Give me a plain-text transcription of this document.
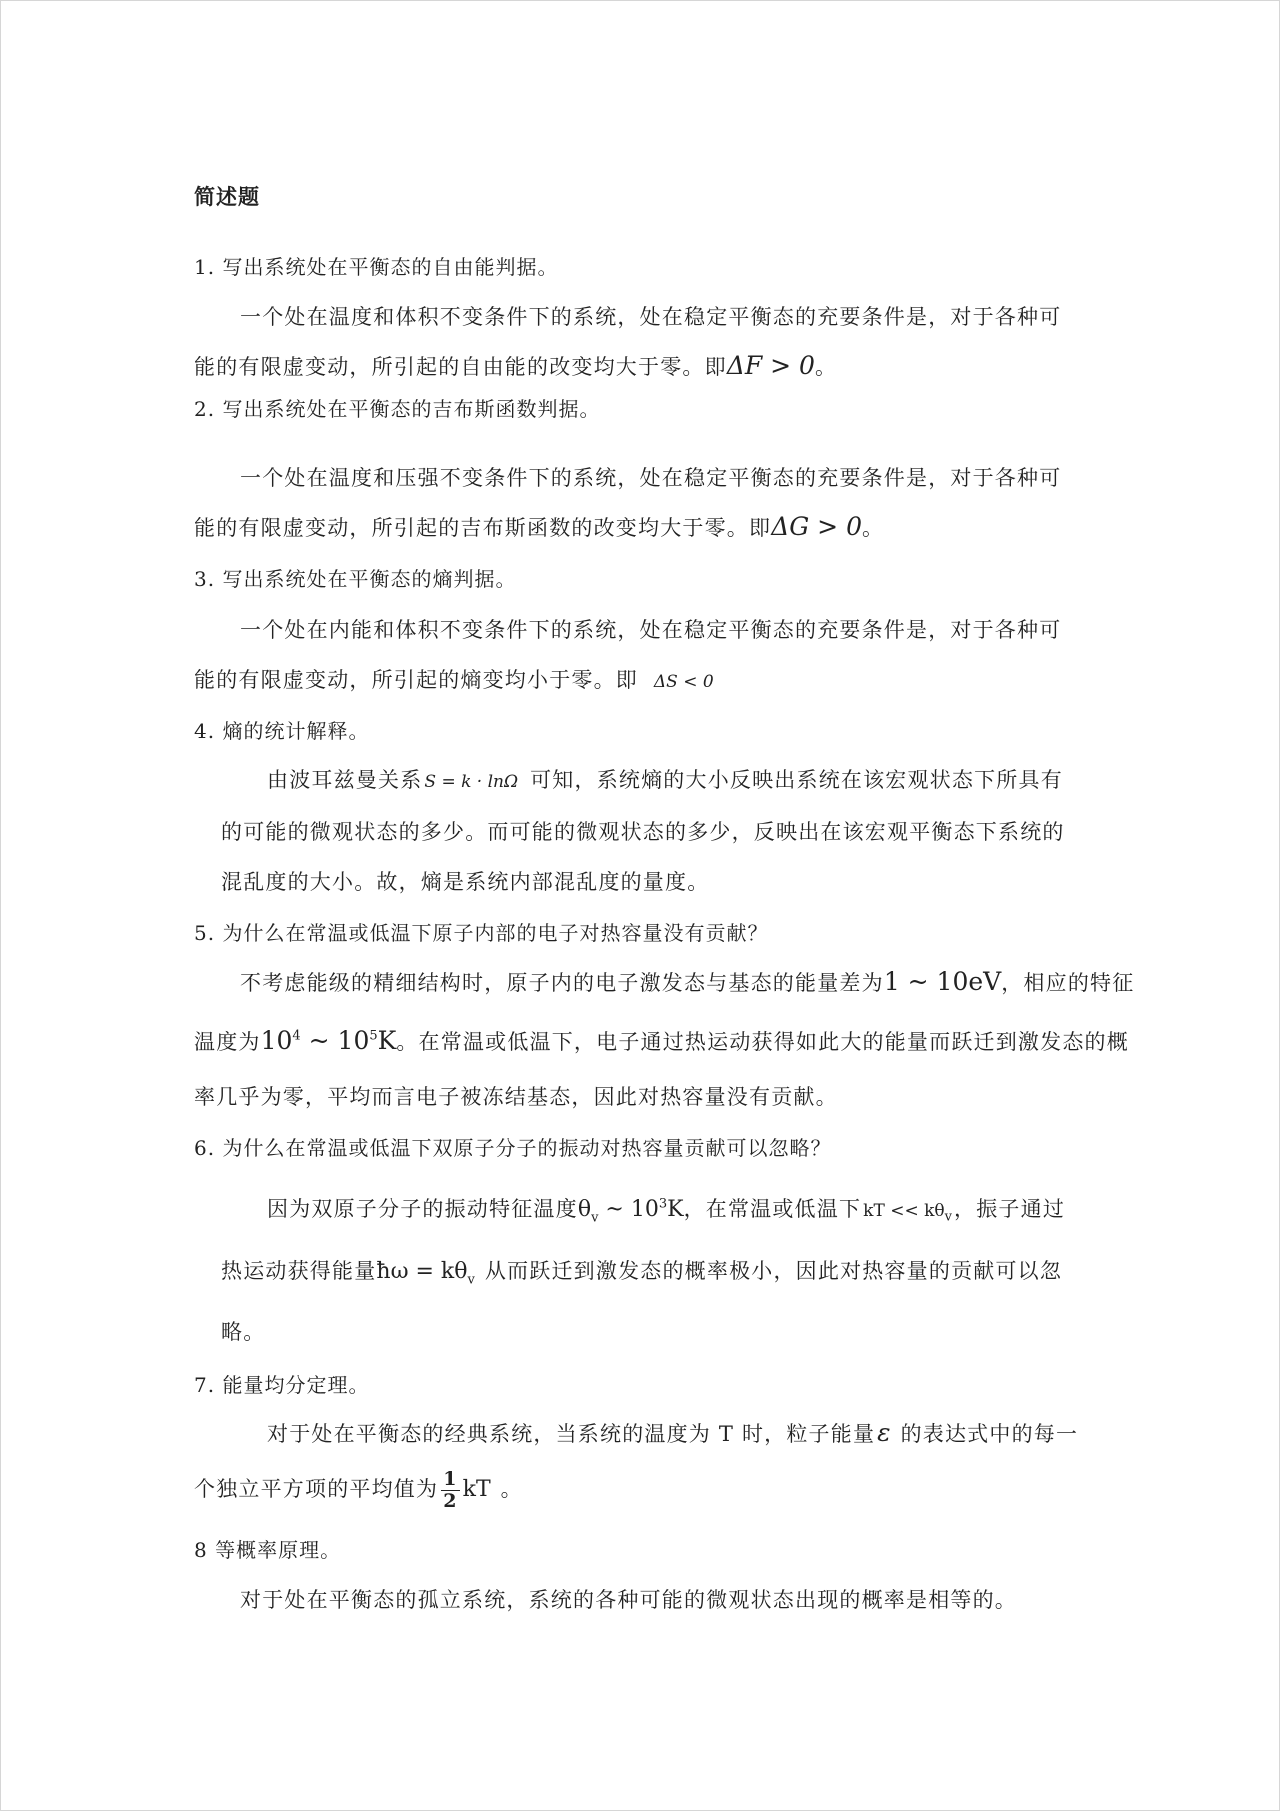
简述题
1. 写出系统处在平衡态的自由能判据。
一个处在温度和体积不变条件下的系统，处在稳定平衡态的充要条件是，对于各种可
能的有限虚变动，所引起的自由能的改变均大于零。即ΔF > 0。
2. 写出系统处在平衡态的吉布斯函数判据。
一个处在温度和压强不变条件下的系统，处在稳定平衡态的充要条件是，对于各种可
能的有限虚变动，所引起的吉布斯函数的改变均大于零。即ΔG > 0。
3. 写出系统处在平衡态的熵判据。
一个处在内能和体积不变条件下的系统，处在稳定平衡态的充要条件是，对于各种可
能的有限虚变动，所引起的熵变均小于零。即 ΔS < 0
4. 熵的统计解释。
由波耳兹曼关系 S = k · lnΩ 可知，系统熵的大小反映出系统在该宏观状态下所具有
的可能的微观状态的多少。而可能的微观状态的多少，反映出在该宏观平衡态下系统的
混乱度的大小。故，熵是系统内部混乱度的量度。
5. 为什么在常温或低温下原子内部的电子对热容量没有贡献？
不考虑能级的精细结构时，原子内的电子激发态与基态的能量差为1 ~ 10eV，相应的特征
温度为$10^4$ ~ $10^5K$。在常温或低温下，电子通过热运动获得如此大的能量而跃迁到激发态的概
率几乎为零，平均而言电子被冻结基态，因此对热容量没有贡献。
6. 为什么在常温或低温下双原子分子的振动对热容量贡献可以忽略？
因为双原子分子的振动特征温度$\theta_v$ ~ $10^3K$，在常温或低温下 kT << $k\theta_v$，振子通过
热运动获得能量ħω = $k\theta_v$ 从而跃迁到激发态的概率极小，因此对热容量的贡献可以忽
略。
7. 能量均分定理。
对于处在平衡态的经典系统，当系统的温度为 T 时，粒子能量ε 的表达式中的每一
个独立平方项的平均值为 $\frac{1}{2}$ kT 。
8 等概率原理。
对于处在平衡态的孤立系统，系统的各种可能的微观状态出现的概率是相等的。
